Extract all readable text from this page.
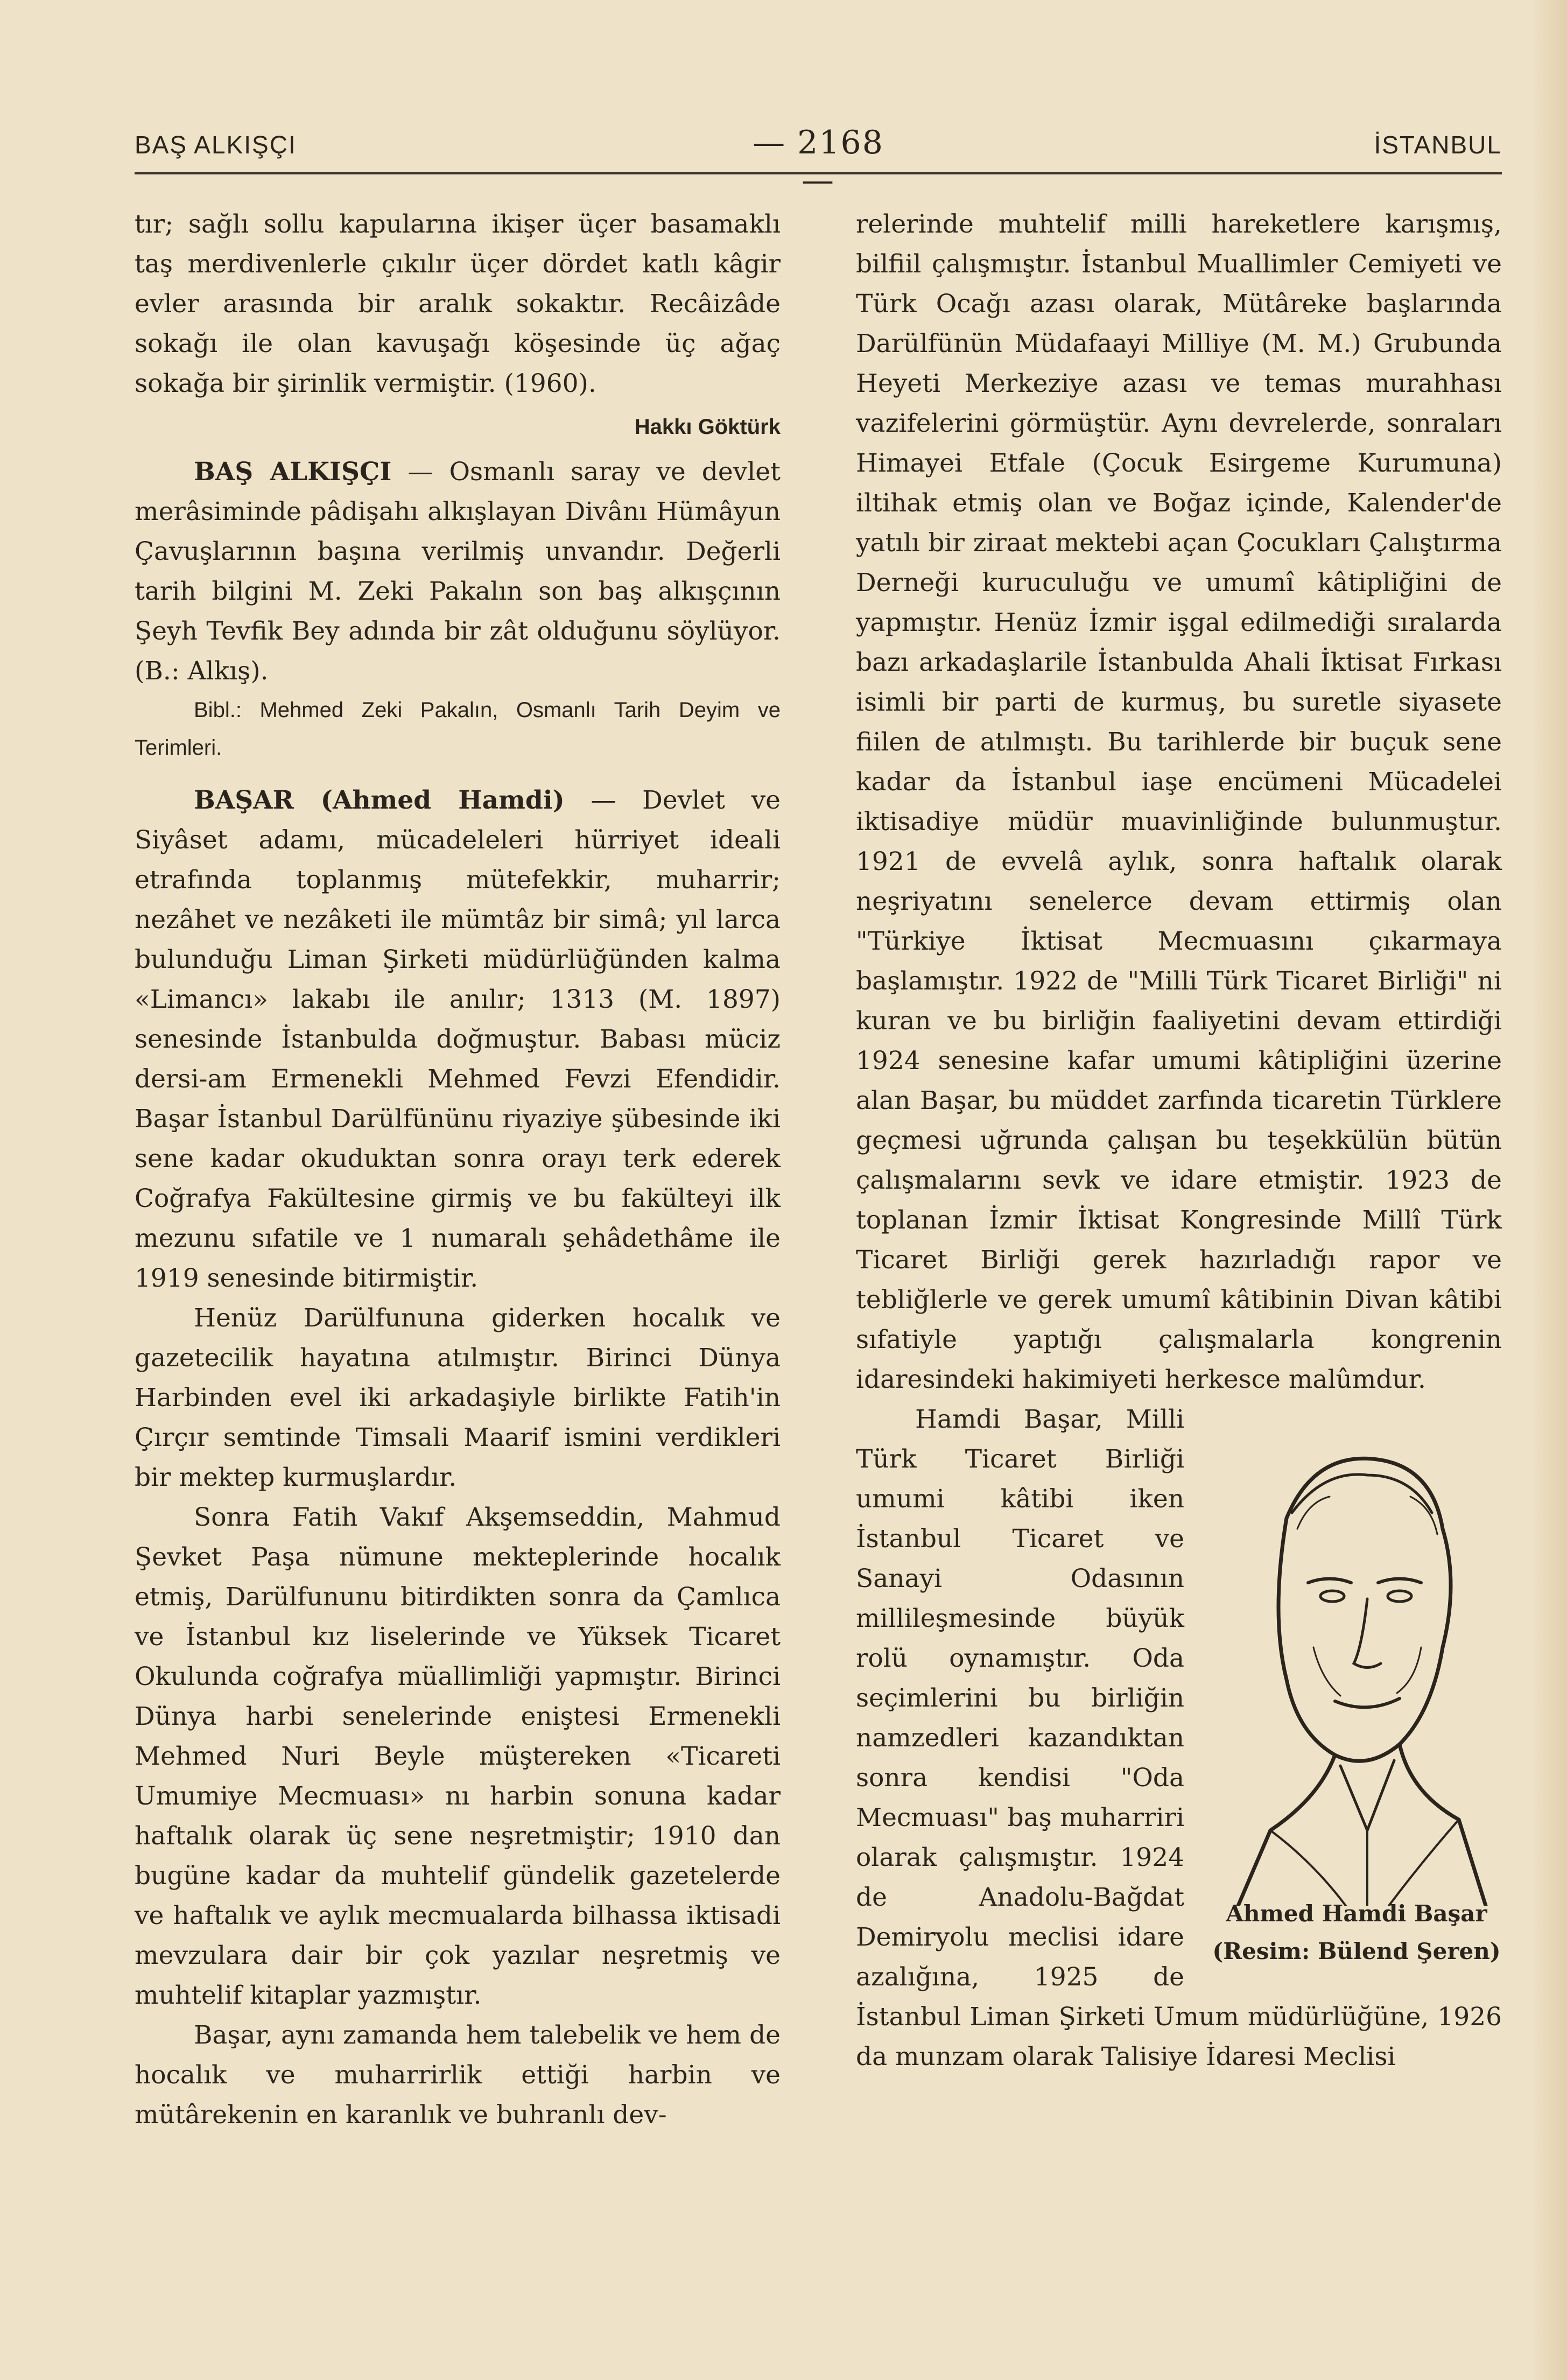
BAŞ ALKIŞÇI	— 2168 —
İSTANBUL

tır; sağlı sollu kapularına ikişer üçer basamaklı taş merdivenlerle çıkılır üçer dördet katlı kâgir evler arasında bir aralık sokaktır. Recâizâde sokağı ile olan kavuşağı köşesinde üç ağaç sokağa bir şirinlik vermiştir. (1960).

Hakkı Göktürk

BAŞ ALKIŞÇI — Osmanlı saray ve devlet merâsiminde pâdişahı alkışlayan Divânı Hümâyun Çavuşlarının başına verilmiş unvandır. Değerli tarih bilgini M. Zeki Pakalın son baş alkışçının Şeyh Tevfik Bey adında bir zât olduğunu söylüyor. (B.: Alkış).

Bibl.: Mehmed Zeki Pakalın, Osmanlı Tarih Deyim ve Terimleri.

BAŞAR (Ahmed Hamdi) — Devlet ve Siyâset adamı, mücadeleleri hürriyet ideali etrafında toplanmış mütefekkir, muharrir; nezâhet ve nezâketi ile mümtâz bir simâ; yıl larca bulunduğu Liman Şirketi müdürlüğünden kalma «Limancı» lakabı ile anılır; 1313 (M. 1897) senesinde İstanbulda doğmuştur. Babası müciz dersi-am Ermenekli Mehmed Fevzi Efendidir. Başar İstanbul Darülfününu riyaziye şübesinde iki sene kadar okuduktan sonra orayı terk ederek Coğrafya Fakültesine girmiş ve bu fakülteyi ilk mezunu sıfatile ve 1 numaralı şehâdethâme ile 1919 senesinde bitirmiştir.

Henüz Darülfununa giderken hocalık ve gazetecilik hayatına atılmıştır. Birinci Dünya Harbinden evel iki arkadaşiyle birlikte Fatih'in Çırçır semtinde Timsali Maarif ismini verdikleri bir mektep kurmuşlardır.

Sonra Fatih Vakıf Akşemseddin, Mahmud Şevket Paşa nümune mekteplerinde hocalık etmiş, Darülfununu bitirdikten sonra da Çamlıca ve İstanbul kız liselerinde ve Yüksek Ticaret Okulunda coğrafya müallimliği yapmıştır. Birinci Dünya harbi senelerinde eniştesi Ermenekli Mehmed Nuri Beyle müştereken «Ticareti Umumiye Mecmuası» nı harbin sonuna kadar haftalık olarak üç sene neşretmiştir; 1910 dan bugüne kadar da muhtelif gündelik gazetelerde ve haftalık ve aylık mecmualarda bilhassa iktisadi mevzulara dair bir çok yazılar neşretmiş ve muhtelif kitaplar yazmıştır.

Başar, aynı zamanda hem talebelik ve hem de hocalık ve muharrirlik ettiği harbin ve mütârekenin en karanlık ve buhranlı dev-

relerinde muhtelif milli hareketlere karışmış, bilfiil çalışmıştır. İstanbul Muallimler Cemiyeti ve Türk Ocağı azası olarak, Mütâreke başlarında Darülfünün Müdafaayi Milliye (M. M.) Grubunda Heyeti Merkeziye azası ve temas murahhası vazifelerini görmüştür. Aynı devrelerde, sonraları Himayei Etfale (Çocuk Esirgeme Kurumuna) iltihak etmiş olan ve Boğaz içinde, Kalender'de yatılı bir ziraat mektebi açan Çocukları Çalıştırma Derneği kuruculuğu ve umumî kâtipliğini de yapmıştır. Henüz İzmir işgal edilmediği sıralarda bazı arkadaşlarile İstanbulda Ahali İktisat Fırkası isimli bir parti de kurmuş, bu suretle siyasete fiilen de atılmıştı. Bu tarihlerde bir buçuk sene kadar da İstanbul iaşe encümeni Mücadelei iktisadiye müdür muavinliğinde bulunmuştur. 1921 de evvelâ aylık, sonra haftalık olarak neşriyatını senelerce devam ettirmiş olan "Türkiye İktisat Mecmuasını çıkarmaya başlamıştır. 1922 de "Milli Türk Ticaret Birliği" ni kuran ve bu birliğin faaliyetini devam ettirdiği 1924 senesine kafar umumi kâtipliğini üzerine alan Başar, bu müddet zarfında ticaretin Türklere geçmesi uğrunda çalışan bu teşekkülün bütün çalışmalarını sevk ve idare etmiştir. 1923 de toplanan İzmir İktisat Kongresinde Millî Türk Ticaret Birliği gerek hazırladığı rapor ve tebliğlerle ve gerek umumî kâtibinin Divan kâtibi sıfatiyle yaptığı çalışmalarla kongrenin idaresindeki hakimiyeti herkesce malûmdur.

Ahmed Hamdi Başar
(Resim: Bülend Şeren)

Hamdi Başar, Milli Türk Ticaret Birliği umumi kâtibi iken İstanbul Ticaret ve Sanayi Odasının millileşmesinde büyük rolü oynamıştır. Oda seçimlerini bu birliğin namzedleri kazandıktan sonra kendisi "Oda Mecmuası" baş muharriri olarak çalışmıştır. 1924 de Anadolu-Bağdat Demiryolu meclisi idare azalığına, 1925 de İstanbul Liman Şirketi Umum müdürlüğüne, 1926 da munzam olarak Talisiye İdaresi Meclisi
